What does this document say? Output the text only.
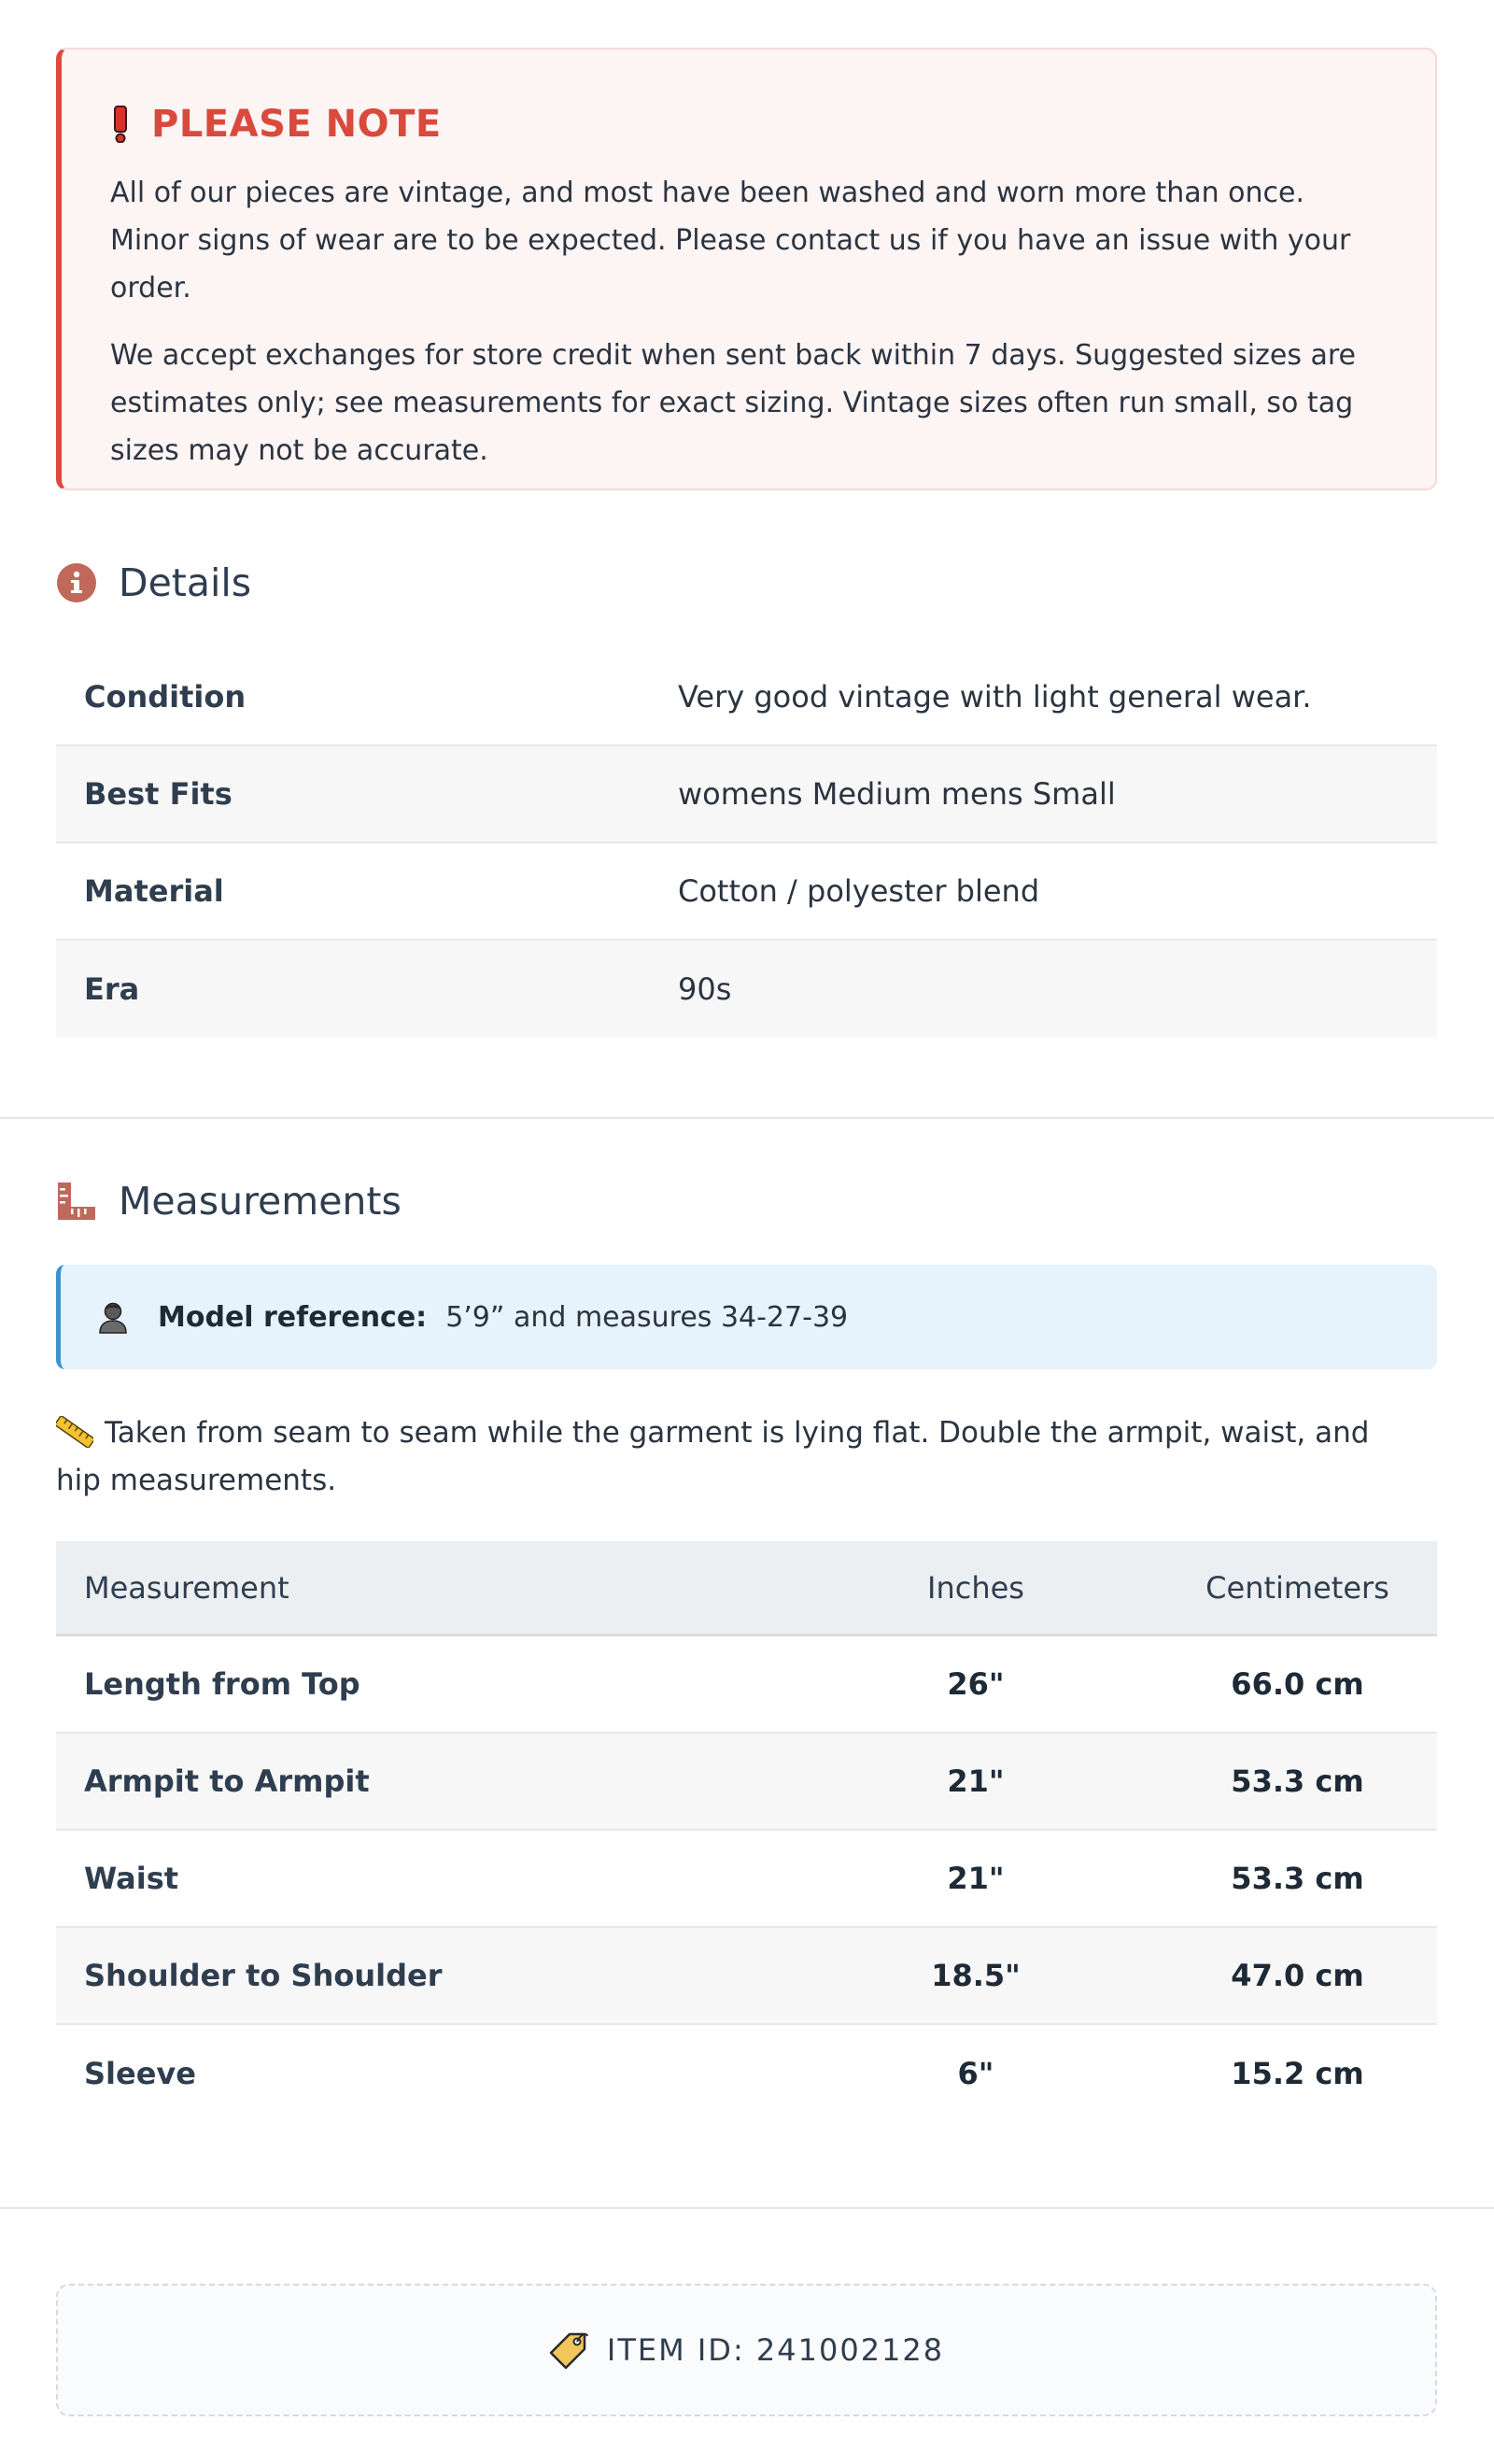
PLEASE NOTE

All of our pieces are vintage, and most have been washed and worn more than once. Minor signs of wear are to be expected. Please contact us if you have an issue with your order.

We accept exchanges for store credit when sent back within 7 days. Suggested sizes are estimates only; see measurements for exact sizing. Vintage sizes often run small, so tag sizes may not be accurate.

Details
Condition	Very good vintage with light general wear.
Best Fits	womens Medium mens Small
Material	Cotton / polyester blend
Era	90s
Measurements
Model reference: 5’9” and measures 34-27-39
Taken from seam to seam while the garment is lying flat. Double the armpit, waist, and hip measurements.
Measurement	Inches	Centimeters
Length from Top	26"	66.0 cm
Armpit to Armpit	21"	53.3 cm
Waist	21"	53.3 cm
Shoulder to Shoulder	18.5"	47.0 cm
Sleeve	6"	15.2 cm
ITEM ID: 241002128
